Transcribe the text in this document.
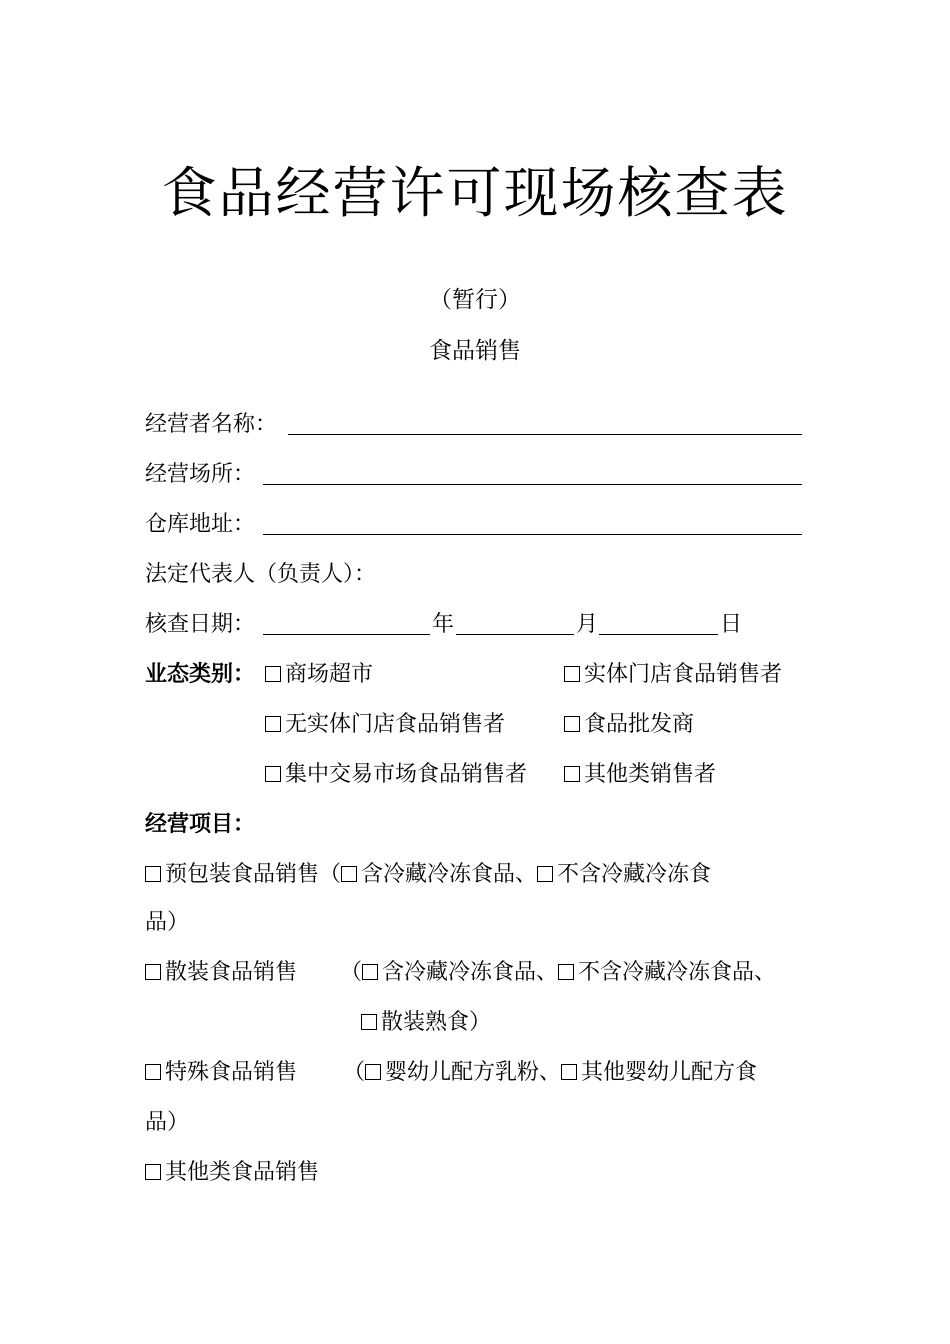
食品经营许可现场核查表
（暂行）
食品销售
经营者名称：
经营场所：
仓库地址：
法定代表人（负责人）：
核查日期：	年	月	日
业态类别：	商场超市	实体门店食品销售者
无实体门店食品销售者	食品批发商
集中交易市场食品销售者	其他类销售者
经营项目：
预包装食品销售（ 含冷藏冷冻食品、 不含冷藏冷冻食
品）
散装食品销售 （ 含冷藏冷冻食品、 不含冷藏冷冻食品、
散装熟食）
特殊食品销售 （ 婴幼儿配方乳粉、 其他婴幼儿配方食
品）
其他类食品销售
